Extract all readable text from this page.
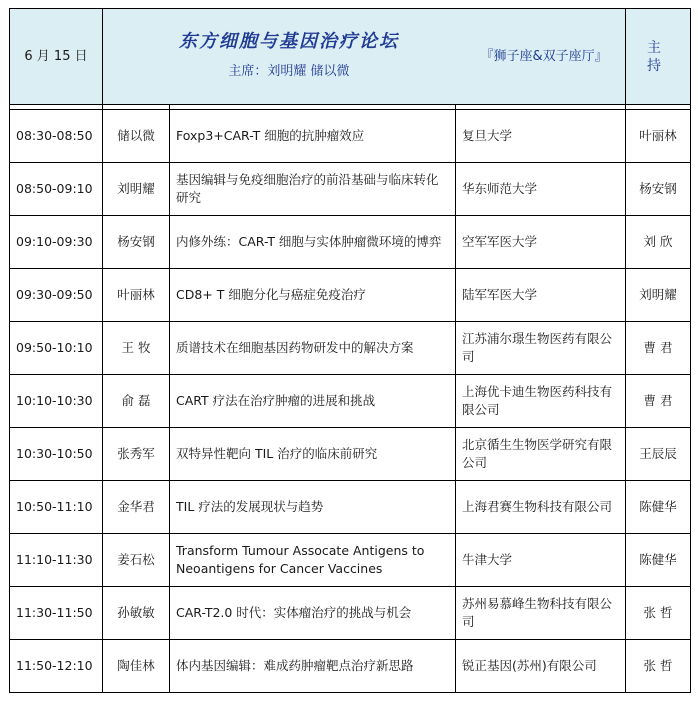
6 月 15 日	东方细胞与基因治疗论坛
主席：刘明耀 储以微
『狮子座&双子座厅』			主 持

08:30-08:50	储以微	Foxp3+CAR-T 细胞的抗肿瘤效应	复旦大学	叶丽林
08:50-09:10	刘明耀	基因编辑与免疫细胞治疗的前沿基础与临床转化研究	华东师范大学	杨安钢
09:10-09:30	杨安钢	内修外练：CAR-T 细胞与实体肿瘤微环境的博弈	空军军医大学	刘 欣
09:30-09:50	叶丽林	CD8+ T 细胞分化与癌症免疫治疗	陆军军医大学	刘明耀
09:50-10:10	王 牧	质谱技术在细胞基因药物研发中的解决方案	江苏浦尔璟生物医药有限公司	曹 君
10:10-10:30	俞 磊	CART 疗法在治疗肿瘤的进展和挑战	上海优卡迪生物医药科技有限公司	曹 君
10:30-10:50	张秀军	双特异性靶向 TIL 治疗的临床前研究	北京循生生物医学研究有限公司	王辰辰
10:50-11:10	金华君	TIL 疗法的发展现状与趋势	上海君赛生物科技有限公司	陈健华
11:10-11:30	姜石松	Transform Tumour Assocate Antigens to Neoantigens for Cancer Vaccines	牛津大学	陈健华
11:30-11:50	孙敏敏	CAR-T2.0 时代：实体瘤治疗的挑战与机会	苏州易慕峰生物科技有限公司	张 哲
11:50-12:10	陶佳林	体内基因编辑：难成药肿瘤靶点治疗新思路	锐正基因(苏州)有限公司	张 哲
